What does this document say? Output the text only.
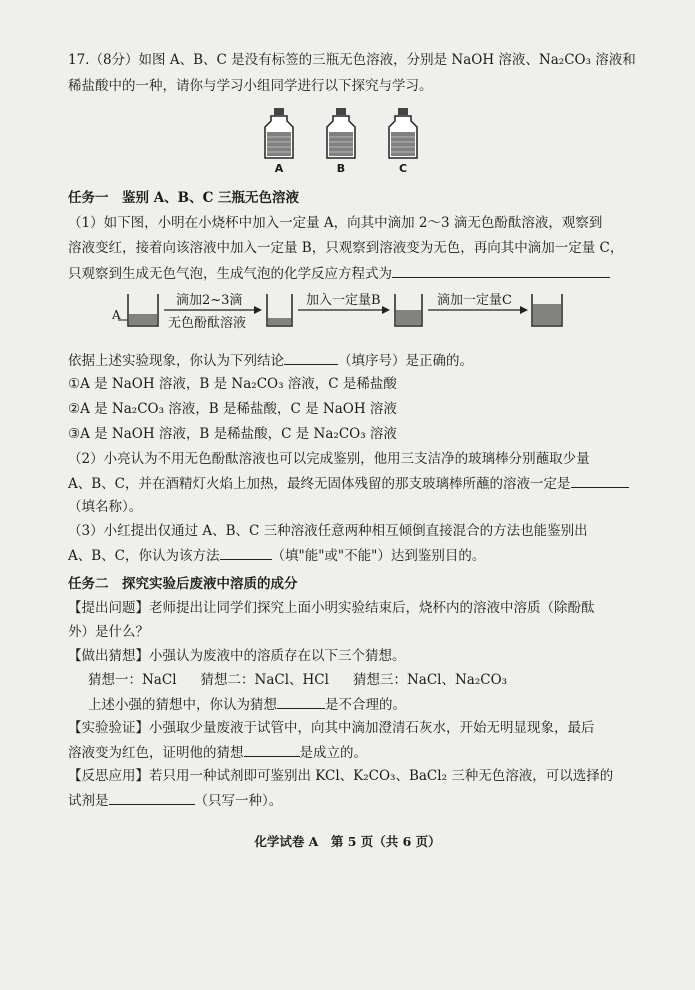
17.（8分）如图 A、B、C 是没有标签的三瓶无色溶液，分别是 NaOH 溶液、Na₂CO₃ 溶液和
稀盐酸中的一种，请你与学习小组同学进行以下探究与学习。
A	B	C
任务一　鉴别 A、B、C 三瓶无色溶液
（1）如下图，小明在小烧杯中加入一定量 A，向其中滴加 2～3 滴无色酚酞溶液，观察到
溶液变红，接着向该溶液中加入一定量 B，只观察到溶液变为无色，再向其中滴加一定量 C，
只观察到生成无色气泡，生成气泡的化学反应方程式为
A
滴加2~3滴
无色酚酞溶液
加入一定量B	滴加一定量C
依据上述实验现象，你认为下列结论	（填序号）是正确的。
①A 是 NaOH 溶液，B 是 Na₂CO₃ 溶液，C 是稀盐酸
②A 是 Na₂CO₃ 溶液，B 是稀盐酸，C 是 NaOH 溶液
③A 是 NaOH 溶液，B 是稀盐酸，C 是 Na₂CO₃ 溶液
（2）小亮认为不用无色酚酞溶液也可以完成鉴别，他用三支洁净的玻璃棒分别蘸取少量
A、B、C，并在酒精灯火焰上加热，最终无固体残留的那支玻璃棒所蘸的溶液一定是
（填名称）。
（3）小红提出仅通过 A、B、C 三种溶液任意两种相互倾倒直接混合的方法也能鉴别出
A、B、C，你认为该方法	（填"能"或"不能"）达到鉴别目的。
任务二　探究实验后废液中溶质的成分
【提出问题】老师提出让同学们探究上面小明实验结束后，烧杯内的溶液中溶质（除酚酞
外）是什么？
【做出猜想】小强认为废液中的溶质存在以下三个猜想。
猜想一：NaCl 猜想二：NaCl、HCl 猜想三：NaCl、Na₂CO₃
上述小强的猜想中，你认为猜想	是不合理的。
【实验验证】小强取少量废液于试管中，向其中滴加澄清石灰水，开始无明显现象，最后
溶液变为红色，证明他的猜想	是成立的。
【反思应用】若只用一种试剂即可鉴别出 KCl、K₂CO₃、BaCl₂ 三种无色溶液，可以选择的
试剂是	（只写一种）。
化学试卷 A　第 5 页（共 6 页）
